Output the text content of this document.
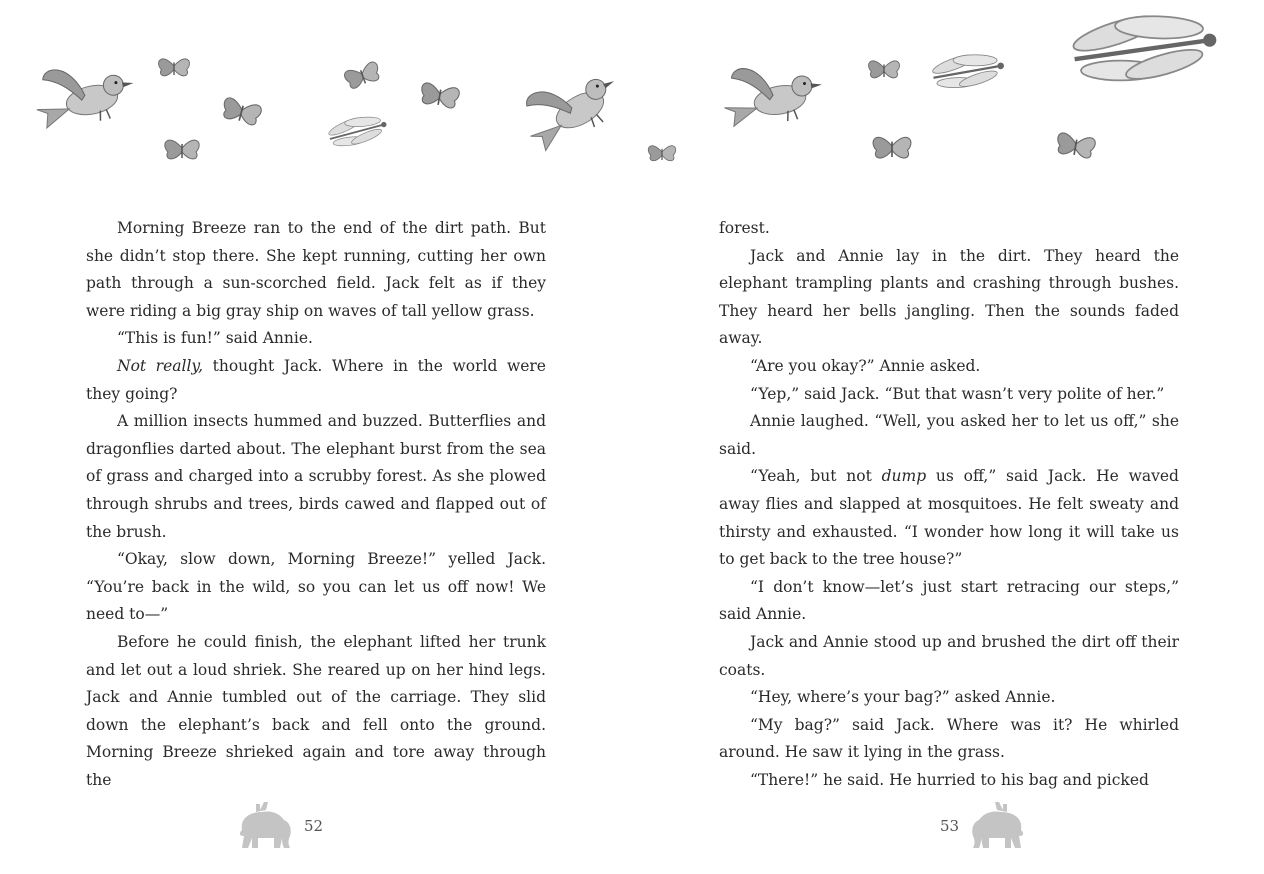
Morning Breeze ran to the end of the dirt path. But she didn’t stop there. She kept running, cutting her own path through a sun-scorched field. Jack felt as if they were riding a big gray ship on waves of tall yellow grass.

“This is fun!” said Annie.

Not really, thought Jack. Where in the world were they going?

A million insects hummed and buzzed. Butterflies and dragonflies darted about. The elephant burst from the sea of grass and charged into a scrubby forest. As she plowed through shrubs and trees, birds cawed and flapped out of the brush.

“Okay, slow down, Morning Breeze!” yelled Jack. “You’re back in the wild, so you can let us off now! We need to—”

Before he could finish, the elephant lifted her trunk and let out a loud shriek. She reared up on her hind legs. Jack and Annie tumbled out of the carriage. They slid down the elephant’s back and fell onto the ground. Morning Breeze shrieked again and tore away through the

forest.

Jack and Annie lay in the dirt. They heard the elephant trampling plants and crashing through bushes. They heard her bells jangling. Then the sounds faded away.

“Are you okay?” Annie asked.

“Yep,” said Jack. “But that wasn’t very polite of her.”

Annie laughed. “Well, you asked her to let us off,” she said.

“Yeah, but not dump us off,” said Jack. He waved away flies and slapped at mosquitoes. He felt sweaty and thirsty and exhausted. “I wonder how long it will take us to get back to the tree house?”

“I don’t know—let’s just start retracing our steps,” said Annie.

Jack and Annie stood up and brushed the dirt off their coats.

“Hey, where’s your bag?” asked Annie.

“My bag?” said Jack. Where was it? He whirled around. He saw it lying in the grass.

“There!” he said. He hurried to his bag and picked

52	53
